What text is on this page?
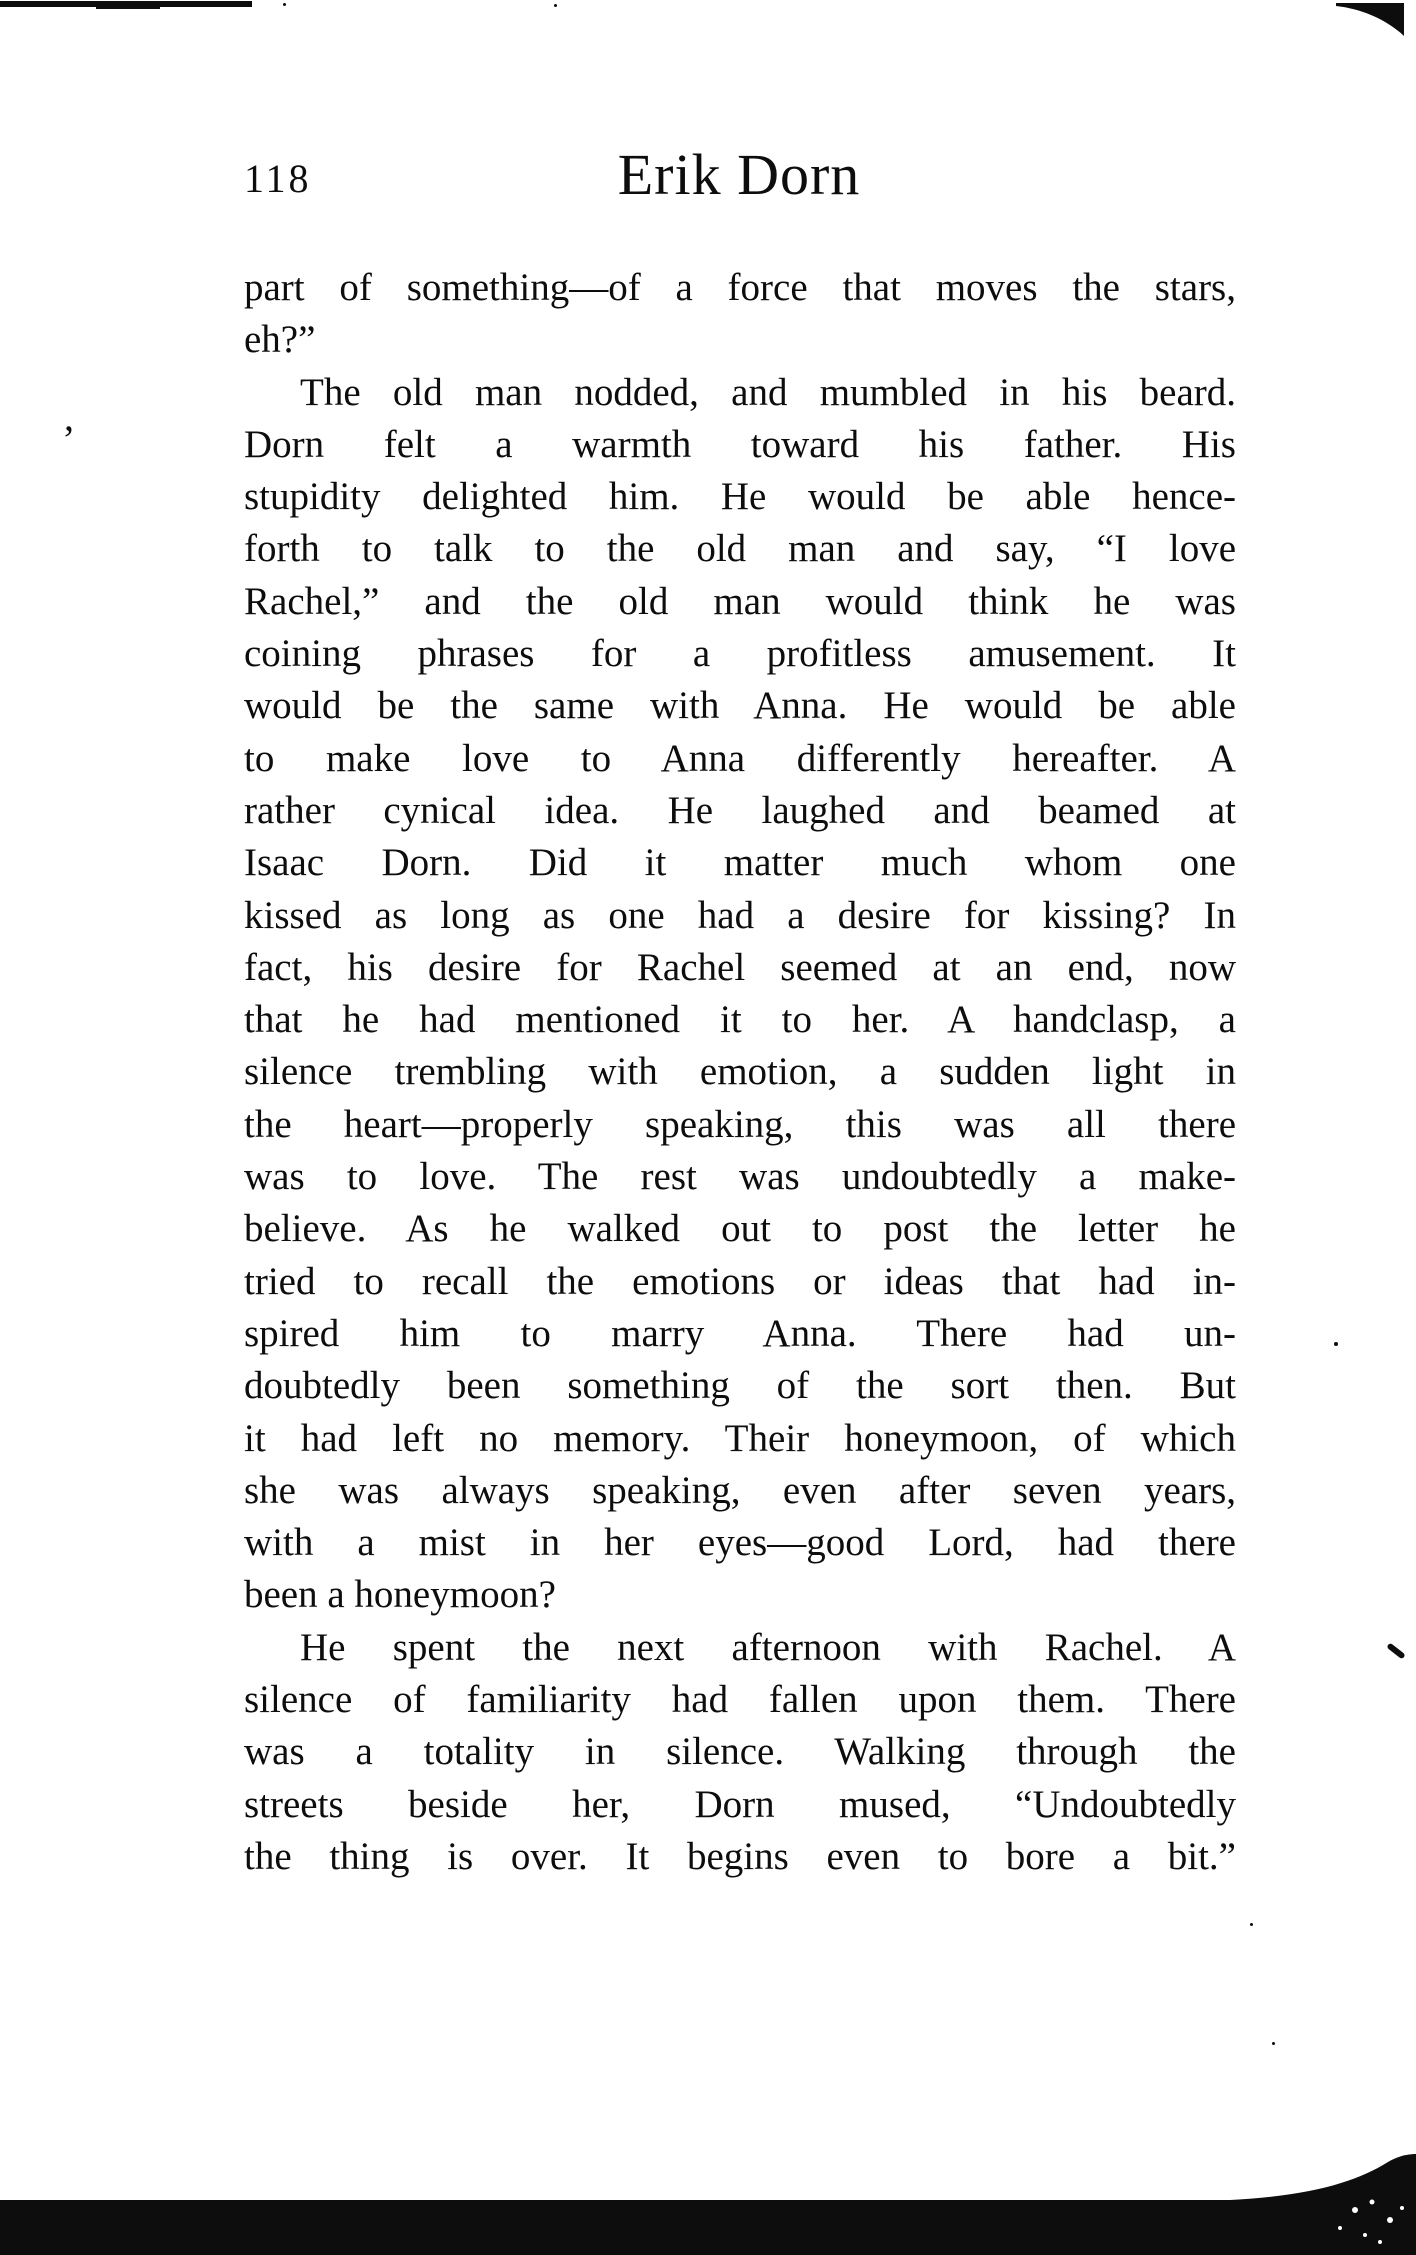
118	Erik Dorn
part of something—of a force that moves the stars,
eh?”
The old man nodded, and mumbled in his beard.
Dorn felt a warmth toward his father. His
stupidity delighted him. He would be able hence-
forth to talk to the old man and say, “I love
Rachel,” and the old man would think he was
coining phrases for a profitless amusement. It
would be the same with Anna. He would be able
to make love to Anna differently hereafter. A
rather cynical idea. He laughed and beamed at
Isaac Dorn. Did it matter much whom one
kissed as long as one had a desire for kissing? In
fact, his desire for Rachel seemed at an end, now
that he had mentioned it to her. A handclasp, a
silence trembling with emotion, a sudden light in
the heart—properly speaking, this was all there
was to love. The rest was undoubtedly a make-
believe. As he walked out to post the letter he
tried to recall the emotions or ideas that had in-
spired him to marry Anna. There had un-
doubtedly been something of the sort then. But
it had left no memory. Their honeymoon, of which
she was always speaking, even after seven years,
with a mist in her eyes—good Lord, had there
been a honeymoon?
He spent the next afternoon with Rachel. A
silence of familiarity had fallen upon them. There
was a totality in silence. Walking through the
streets beside her, Dorn mused, “Undoubtedly
the thing is over. It begins even to bore a bit.”
’
